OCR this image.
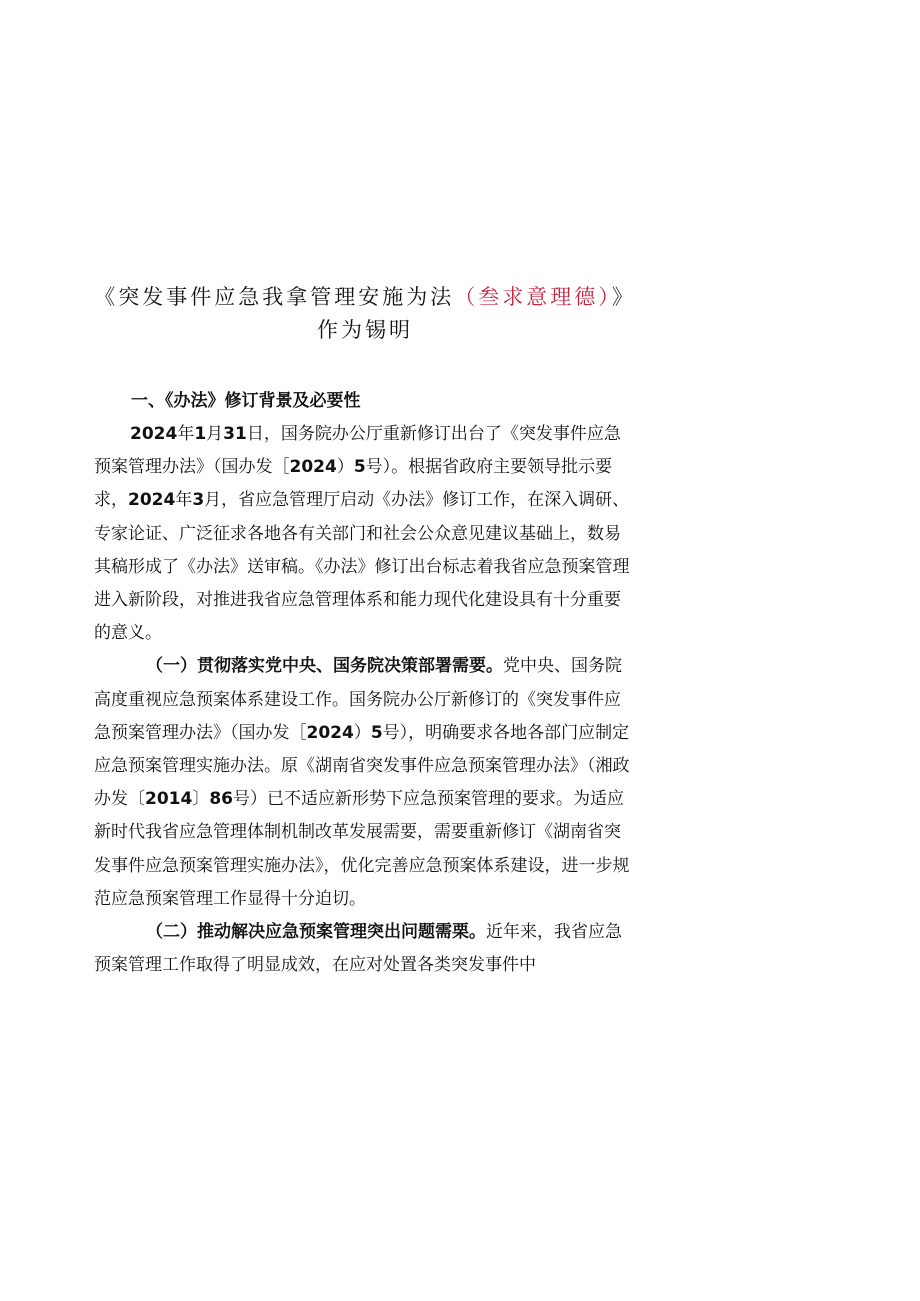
《突发事件应急我拿管理安施为法（叁求意理德）》
作为锡明
一、《办法》修订背景及必要性

2024年1月31日，国务院办公厅重新修订出台了《突发事件应急预案管理办法》（国办发［2024）5号）。根据省政府主要领导批示要求，2024年3月，省应急管理厅启动《办法》修订工作，在深入调研、专家论证、广泛征求各地各有关部门和社会公众意见建议基础上，数易其稿形成了《办法》送审稿。《办法》修订出台标志着我省应急预案管理进入新阶段，对推进我省应急管理体系和能力现代化建设具有十分重要的意义。

（一）贯彻落实党中央、国务院决策部署需要。党中央、国务院高度重视应急预案体系建设工作。国务院办公厅新修订的《突发事件应急预案管理办法》（国办发［2024）5号），明确要求各地各部门应制定应急预案管理实施办法。原《湖南省突发事件应急预案管理办法》（湘政办发〔2014〕86号）已不适应新形势下应急预案管理的要求。为适应新时代我省应急管理体制机制改革发展需要，需要重新修订《湖南省突发事件应急预案管理实施办法》，优化完善应急预案体系建设，进一步规范应急预案管理工作显得十分迫切。

（二）推动解决应急预案管理突出问题需栗。近年来，我省应急预案管理工作取得了明显成效，在应对处置各类突发事件中
